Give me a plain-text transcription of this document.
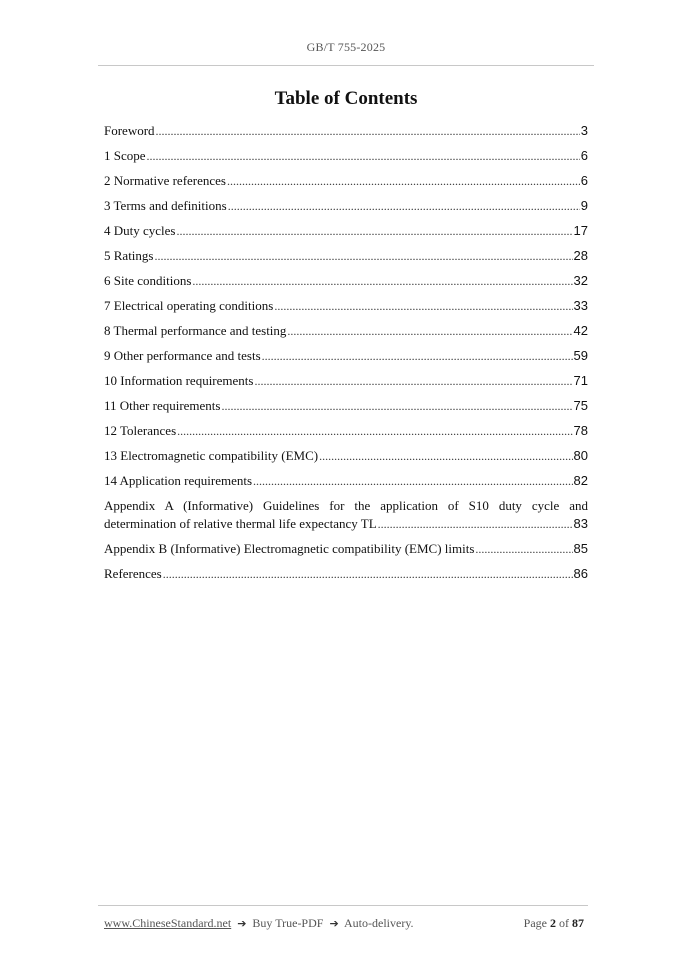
GB/T 755-2025
Table of Contents
Foreword .....	3
1 Scope .....	6
2 Normative references .....	6
3 Terms and definitions .....	9
4 Duty cycles .....	17
5 Ratings .....	28
6 Site conditions .....	32
7 Electrical operating conditions .....	33
8 Thermal performance and testing .....	42
9 Other performance and tests .....	59
10 Information requirements .....	71
11 Other requirements .....	75
12 Tolerances .....	78
13 Electromagnetic compatibility (EMC) .....	80
14 Application requirements .....	82
Appendix A (Informative) Guidelines for the application of S10 duty cycle and
determination of relative thermal life expectancy TL .....	83
Appendix B (Informative) Electromagnetic compatibility (EMC) limits .....	85
References .....	86
www.ChineseStandard.net ➔ Buy True-PDF ➔ Auto-delivery.	Page 2 of 87
